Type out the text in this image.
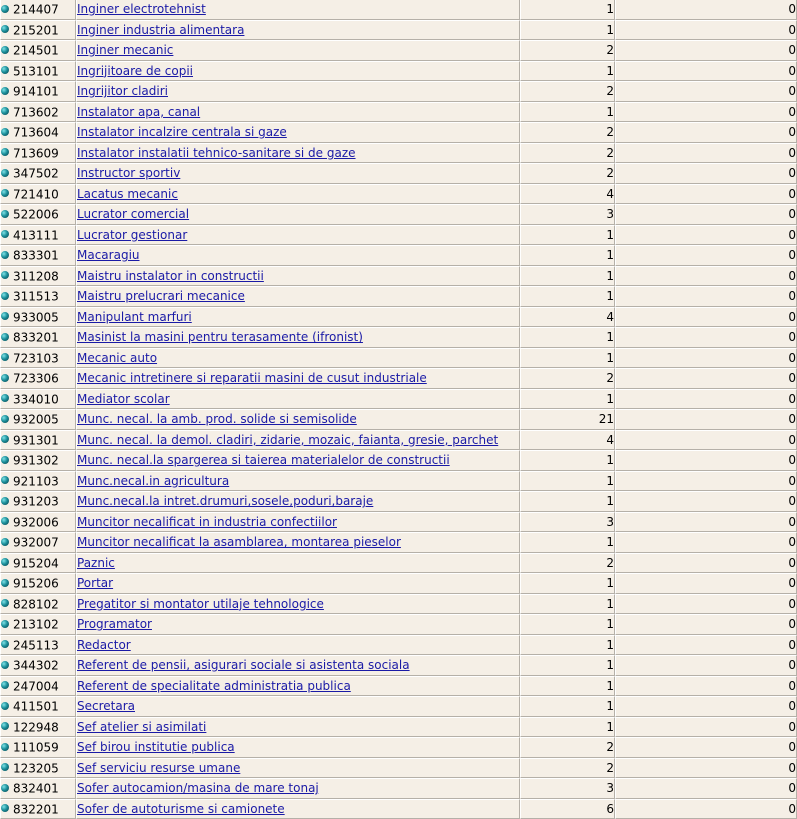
214407	Inginer electrotehnist	1	0
215201	Inginer industria alimentara	1	0
214501	Inginer mecanic	2	0
513101	Ingrijitoare de copii	1	0
914101	Ingrijitor cladiri	2	0
713602	Instalator apa, canal	1	0
713604	Instalator incalzire centrala si gaze	2	0
713609	Instalator instalatii tehnico-sanitare si de gaze	2	0
347502	Instructor sportiv	2	0
721410	Lacatus mecanic	4	0
522006	Lucrator comercial	3	0
413111	Lucrator gestionar	1	0
833301	Macaragiu	1	0
311208	Maistru instalator in constructii	1	0
311513	Maistru prelucrari mecanice	1	0
933005	Manipulant marfuri	4	0
833201	Masinist la masini pentru terasamente (ifronist)	1	0
723103	Mecanic auto	1	0
723306	Mecanic intretinere si reparatii masini de cusut industriale	2	0
334010	Mediator scolar	1	0
932005	Munc. necal. la amb. prod. solide si semisolide	21	0
931301	Munc. necal. la demol. cladiri, zidarie, mozaic, faianta, gresie, parchet	4	0
931302	Munc. necal.la spargerea si taierea materialelor de constructii	1	0
921103	Munc.necal.in agricultura	1	0
931203	Munc.necal.la intret.drumuri,sosele,poduri,baraje	1	0
932006	Muncitor necalificat in industria confectiilor	3	0
932007	Muncitor necalificat la asamblarea, montarea pieselor	1	0
915204	Paznic	2	0
915206	Portar	1	0
828102	Pregatitor si montator utilaje tehnologice	1	0
213102	Programator	1	0
245113	Redactor	1	0
344302	Referent de pensii, asigurari sociale si asistenta sociala	1	0
247004	Referent de specialitate administratia publica	1	0
411501	Secretara	1	0
122948	Sef atelier si asimilati	1	0
111059	Sef birou institutie publica	2	0
123205	Sef serviciu resurse umane	2	0
832401	Sofer autocamion/masina de mare tonaj	3	0
832201	Sofer de autoturisme si camionete	6	0
